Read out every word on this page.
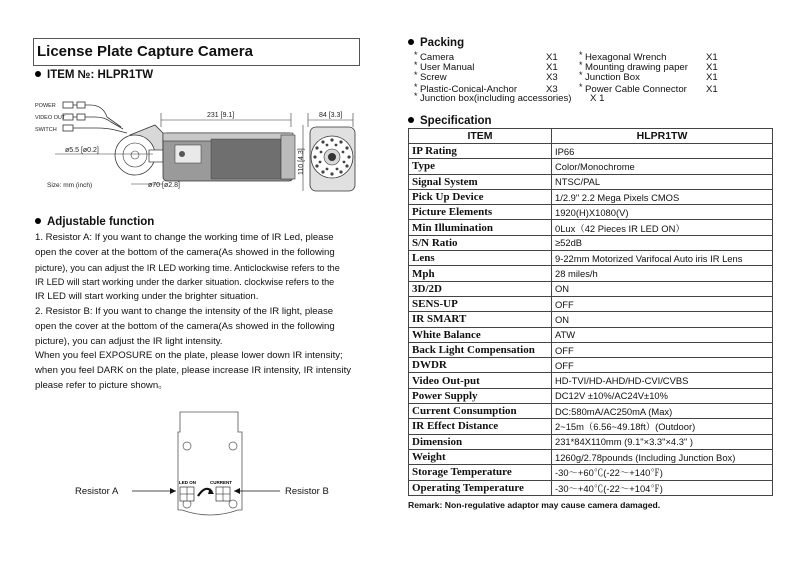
License Plate Capture Camera
ITEM №: HLPR1TW
POWER
VIDEO OUT
SWITCH
231 [9.1]
ø5.5 [ø0.2]
ø70 [ø2.8]
Size: mm (inch)
84 [3.3]
110 [4.3]
Adjustable function

1. Resistor A: If you want to change the working time of IR Led, please

open the cover at the bottom of the camera(As showed in the following

picture), you can adjust the IR LED working time. Anticlockwise refers to the

IR LED will start working under the darker situation. clockwise refers to the

IR LED will start working under the brighter situation.

2. Resistor B: If you want to change the intensity of the IR light, please

open the cover at the bottom of the camera(As showed in the following

picture), you can adjust the IR light intensity.

When you feel EXPOSURE on the plate, please lower down IR intensity;

when you feel DARK on the plate, please increase IR intensity, IR intensity

please refer to picture shown。

LED ON	CURRENT
Resistor A	Resistor B
Packing
* Camera	X1 * Hexagonal Wrench	X1
* User Manual	X1 * Mounting drawing paper X1
* Screw	X3 * Junction Box	X1
* Plastic-Conical-Anchor	X3 * Power Cable Connector X1
* Junction box(including accessories) X 1
Specification
ITEM	HLPR1TW
IP Rating	IP66
Type	Color/Monochrome
Signal System	NTSC/PAL
Pick Up Device	1/2.9" 2.2 Mega Pixels CMOS
Picture Elements	1920(H)X1080(V)
Min Illumination	0Lux（42 Pieces IR LED ON）
S/N Ratio	≥52dB
Lens	9-22mm Motorized Varifocal Auto iris IR Lens
Mph	28 miles/h
3D/2D	ON
SENS-UP	OFF
IR SMART	ON
White Balance	ATW
Back Light Compensation	OFF
DWDR	OFF
Video Out-put	HD-TVI/HD-AHD/HD-CVI/CVBS
Power Supply	DC12V ±10%/AC24V±10%
Current Consumption	DC:580mA/AC250mA (Max)
IR Effect Distance	2~15m（6.56~49.18ft）(Outdoor)
Dimension	231*84X110mm (9.1"×3.3"×4.3" )
Weight	1260g/2.78pounds (Including Junction Box)
Storage Temperature	-30～+60℃(-22～+140℉)
Operating Temperature	-30～+40℃(-22～+104℉)
Remark: Non-regulative adaptor may cause camera damaged.
